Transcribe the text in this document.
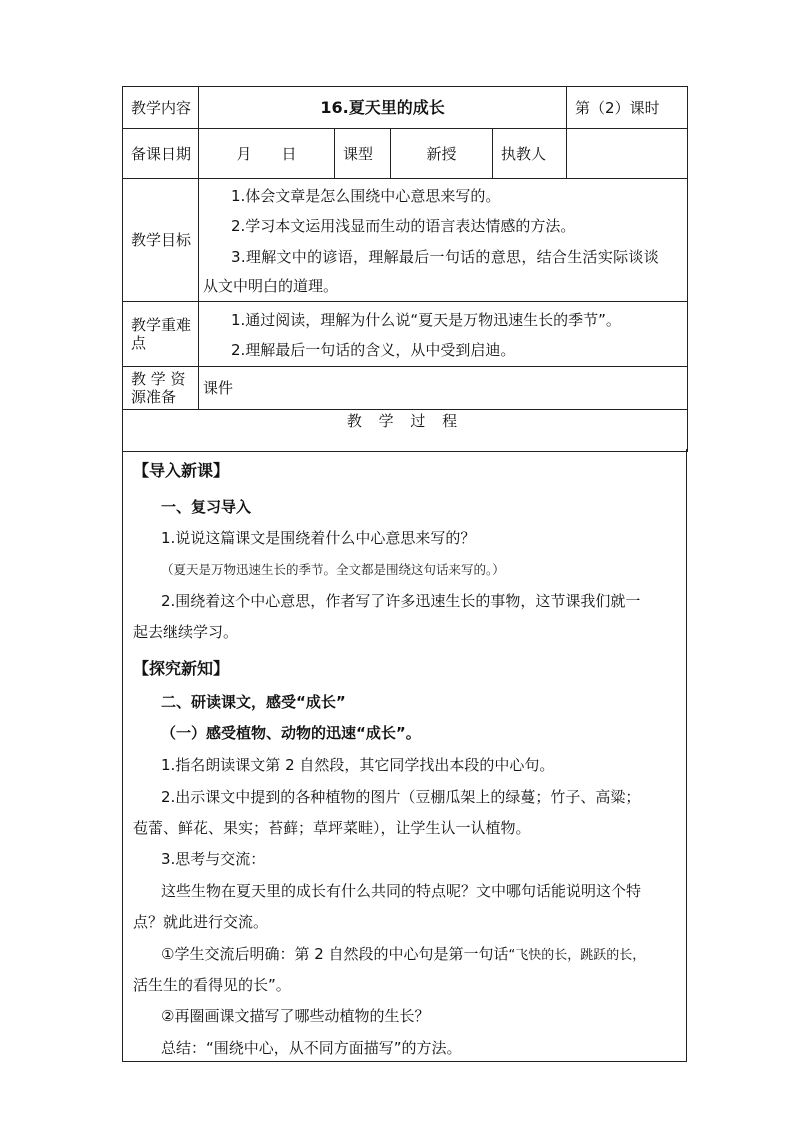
教学内容	16.夏天里的成长				第（2）课时
备课日期	月　　日	课型	新授	执教人	
教学目标	1.体会文章是怎么围绕中心意思来写的。
2.学习本文运用浅显而生动的语言表达情感的方法。
3.理解文中的谚语，理解最后一句话的意思，结合生活实际谈谈
从文中明白的道理。				

教学重难点	1.通过阅读，理解为什么说“夏天是万物迅速生长的季节”。
2.理解最后一句话的含义，从中受到启迪。				

教 学 资源准备	课件				
教 学 过 程					
【导入新课】
一、复习导入
1.说说这篇课文是围绕着什么中心意思来写的？
（夏天是万物迅速生长的季节。全文都是围绕这句话来写的。）
2.围绕着这个中心意思，作者写了许多迅速生长的事物，这节课我们就一
起去继续学习。
【探究新知】
二、研读课文，感受“成长”
（一）感受植物、动物的迅速“成长”。
1.指名朗读课文第 2 自然段，其它同学找出本段的中心句。
2.出示课文中提到的各种植物的图片（豆棚瓜架上的绿蔓；竹子、高粱；
苞蕾、鲜花、果实；苔藓；草坪菜畦），让学生认一认植物。
3.思考与交流：
这些生物在夏天里的成长有什么共同的特点呢？文中哪句话能说明这个特
点？就此进行交流。
①学生交流后明确：第 2 自然段的中心句是第一句话“飞快的长，跳跃的长，
活生生的看得见的长”。
②再圈画课文描写了哪些动植物的生长？
总结：“围绕中心，从不同方面描写”的方法。
